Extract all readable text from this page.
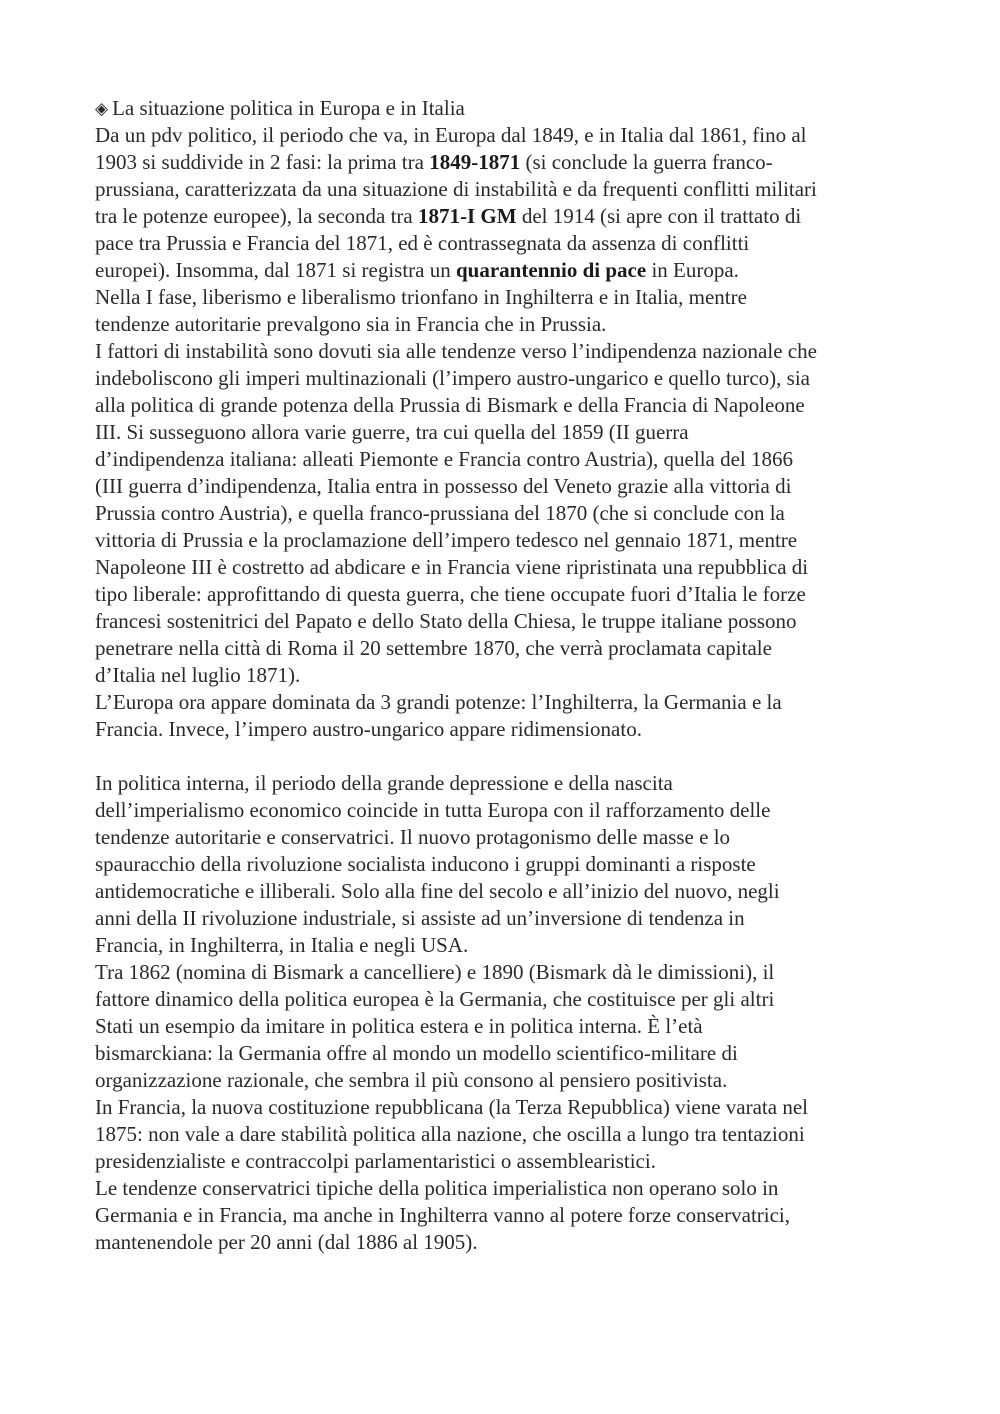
◈ La situazione politica in Europa e in Italia
Da un pdv politico, il periodo che va, in Europa dal 1849, e in Italia dal 1861, fino al
1903 si suddivide in 2 fasi: la prima tra 1849-1871 (si conclude la guerra franco-
prussiana, caratterizzata da una situazione di instabilità e da frequenti conflitti militari
tra le potenze europee), la seconda tra 1871-I GM del 1914 (si apre con il trattato di
pace tra Prussia e Francia del 1871, ed è contrassegnata da assenza di conflitti
europei). Insomma, dal 1871 si registra un quarantennio di pace in Europa.
Nella I fase, liberismo e liberalismo trionfano in Inghilterra e in Italia, mentre
tendenze autoritarie prevalgono sia in Francia che in Prussia.
I fattori di instabilità sono dovuti sia alle tendenze verso l’indipendenza nazionale che
indeboliscono gli imperi multinazionali (l’impero austro-ungarico e quello turco), sia
alla politica di grande potenza della Prussia di Bismark e della Francia di Napoleone
III. Si susseguono allora varie guerre, tra cui quella del 1859 (II guerra
d’indipendenza italiana: alleati Piemonte e Francia contro Austria), quella del 1866
(III guerra d’indipendenza, Italia entra in possesso del Veneto grazie alla vittoria di
Prussia contro Austria), e quella franco-prussiana del 1870 (che si conclude con la
vittoria di Prussia e la proclamazione dell’impero tedesco nel gennaio 1871, mentre
Napoleone III è costretto ad abdicare e in Francia viene ripristinata una repubblica di
tipo liberale: approfittando di questa guerra, che tiene occupate fuori d’Italia le forze
francesi sostenitrici del Papato e dello Stato della Chiesa, le truppe italiane possono
penetrare nella città di Roma il 20 settembre 1870, che verrà proclamata capitale
d’Italia nel luglio 1871).
L’Europa ora appare dominata da 3 grandi potenze: l’Inghilterra, la Germania e la
Francia. Invece, l’impero austro-ungarico appare ridimensionato.
In politica interna, il periodo della grande depressione e della nascita
dell’imperialismo economico coincide in tutta Europa con il rafforzamento delle
tendenze autoritarie e conservatrici. Il nuovo protagonismo delle masse e lo
spauracchio della rivoluzione socialista inducono i gruppi dominanti a risposte
antidemocratiche e illiberali. Solo alla fine del secolo e all’inizio del nuovo, negli
anni della II rivoluzione industriale, si assiste ad un’inversione di tendenza in
Francia, in Inghilterra, in Italia e negli USA.
Tra 1862 (nomina di Bismark a cancelliere) e 1890 (Bismark dà le dimissioni), il
fattore dinamico della politica europea è la Germania, che costituisce per gli altri
Stati un esempio da imitare in politica estera e in politica interna. È l’età
bismarckiana: la Germania offre al mondo un modello scientifico-militare di
organizzazione razionale, che sembra il più consono al pensiero positivista.
In Francia, la nuova costituzione repubblicana (la Terza Repubblica) viene varata nel
1875: non vale a dare stabilità politica alla nazione, che oscilla a lungo tra tentazioni
presidenzialiste e contraccolpi parlamentaristici o assemblearistici.
Le tendenze conservatrici tipiche della politica imperialistica non operano solo in
Germania e in Francia, ma anche in Inghilterra vanno al potere forze conservatrici,
mantenendole per 20 anni (dal 1886 al 1905).
